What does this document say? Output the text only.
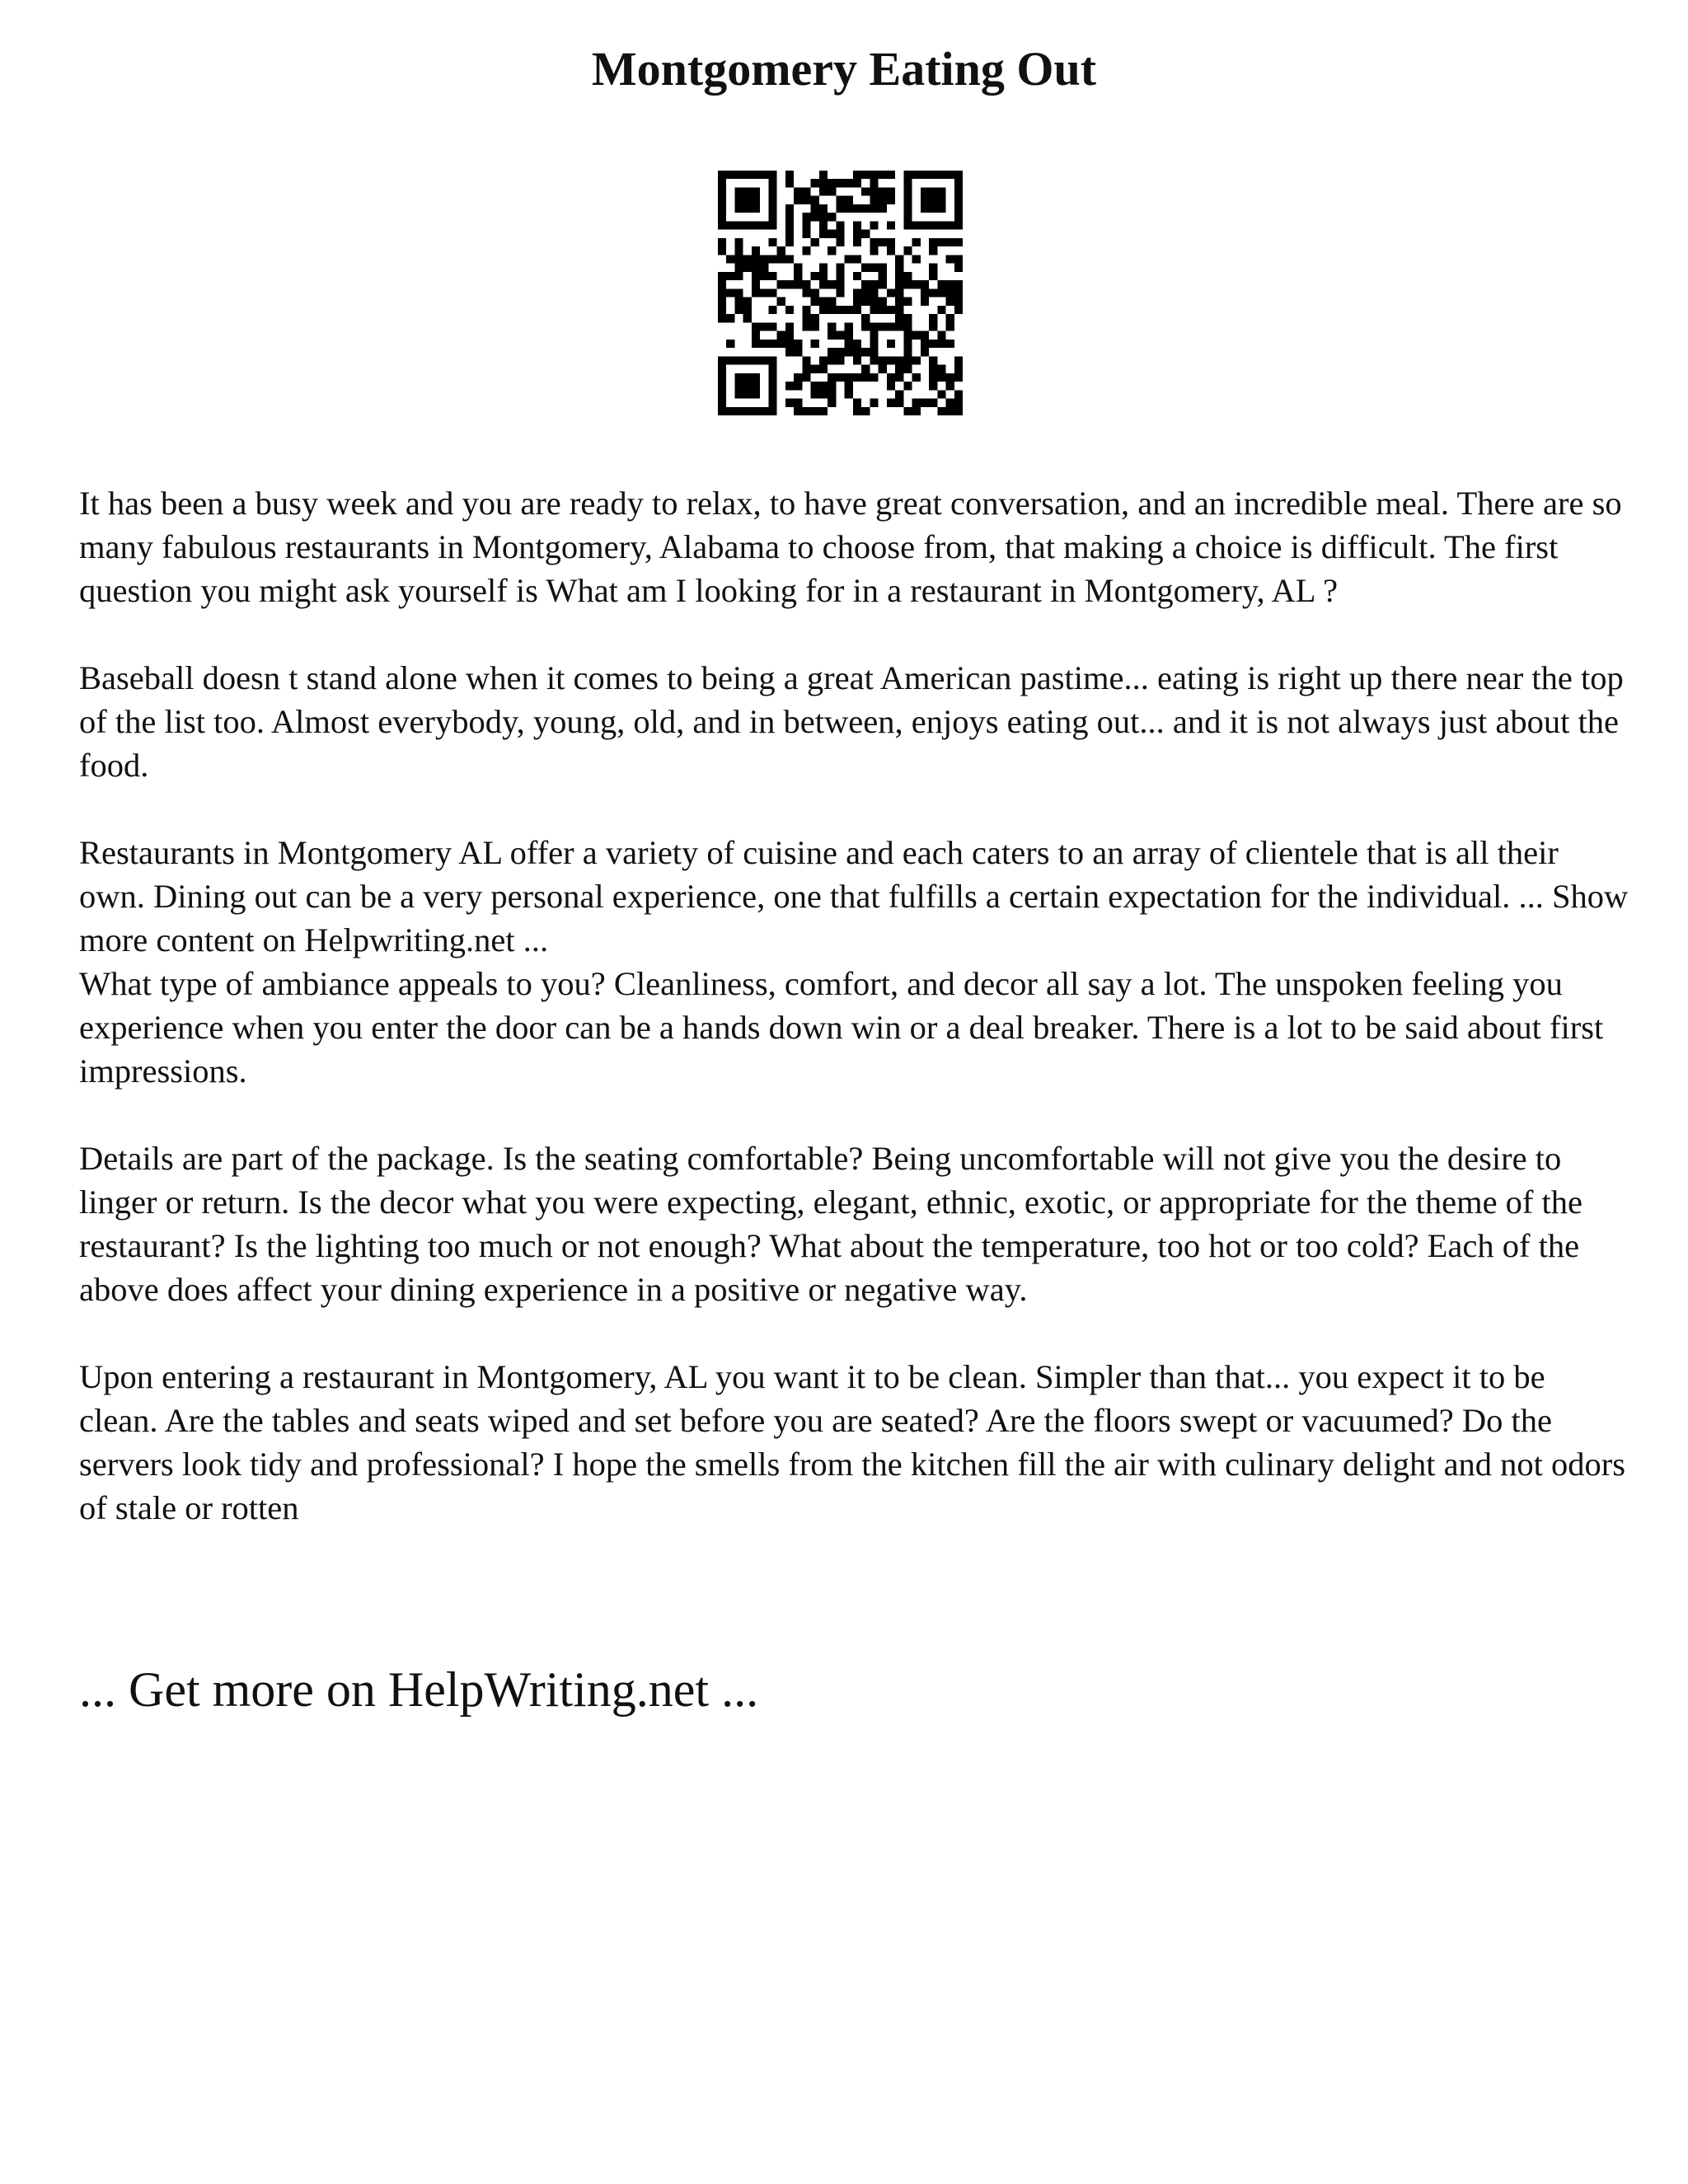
Montgomery Eating Out

It has been a busy week and you are ready to relax, to have great conversation, and an incredible meal. There are so many fabulous restaurants in Montgomery, Alabama to choose from, that making a choice is difficult. The first question you might ask yourself is What am I looking for in a restaurant in Montgomery, AL ?

Baseball doesn t stand alone when it comes to being a great American pastime... eating is right up there near the top of the list too. Almost everybody, young, old, and in between, enjoys eating out... and it is not always just about the food.

Restaurants in Montgomery AL offer a variety of cuisine and each caters to an array of clientele that is all their own. Dining out can be a very personal experience, one that fulfills a certain expectation for the individual. ... Show more content on Helpwriting.net ...

What type of ambiance appeals to you? Cleanliness, comfort, and decor all say a lot. The unspoken feeling you experience when you enter the door can be a hands down win or a deal breaker. There is a lot to be said about first impressions.

Details are part of the package. Is the seating comfortable? Being uncomfortable will not give you the desire to linger or return. Is the decor what you were expecting, elegant, ethnic, exotic, or appropriate for the theme of the restaurant? Is the lighting too much or not enough? What about the temperature, too hot or too cold? Each of the above does affect your dining experience in a positive or negative way.

Upon entering a restaurant in Montgomery, AL you want it to be clean. Simpler than that... you expect it to be clean. Are the tables and seats wiped and set before you are seated? Are the floors swept or vacuumed? Do the servers look tidy and professional? I hope the smells from the kitchen fill the air with culinary delight and not odors of stale or rotten

... Get more on HelpWriting.net ...
